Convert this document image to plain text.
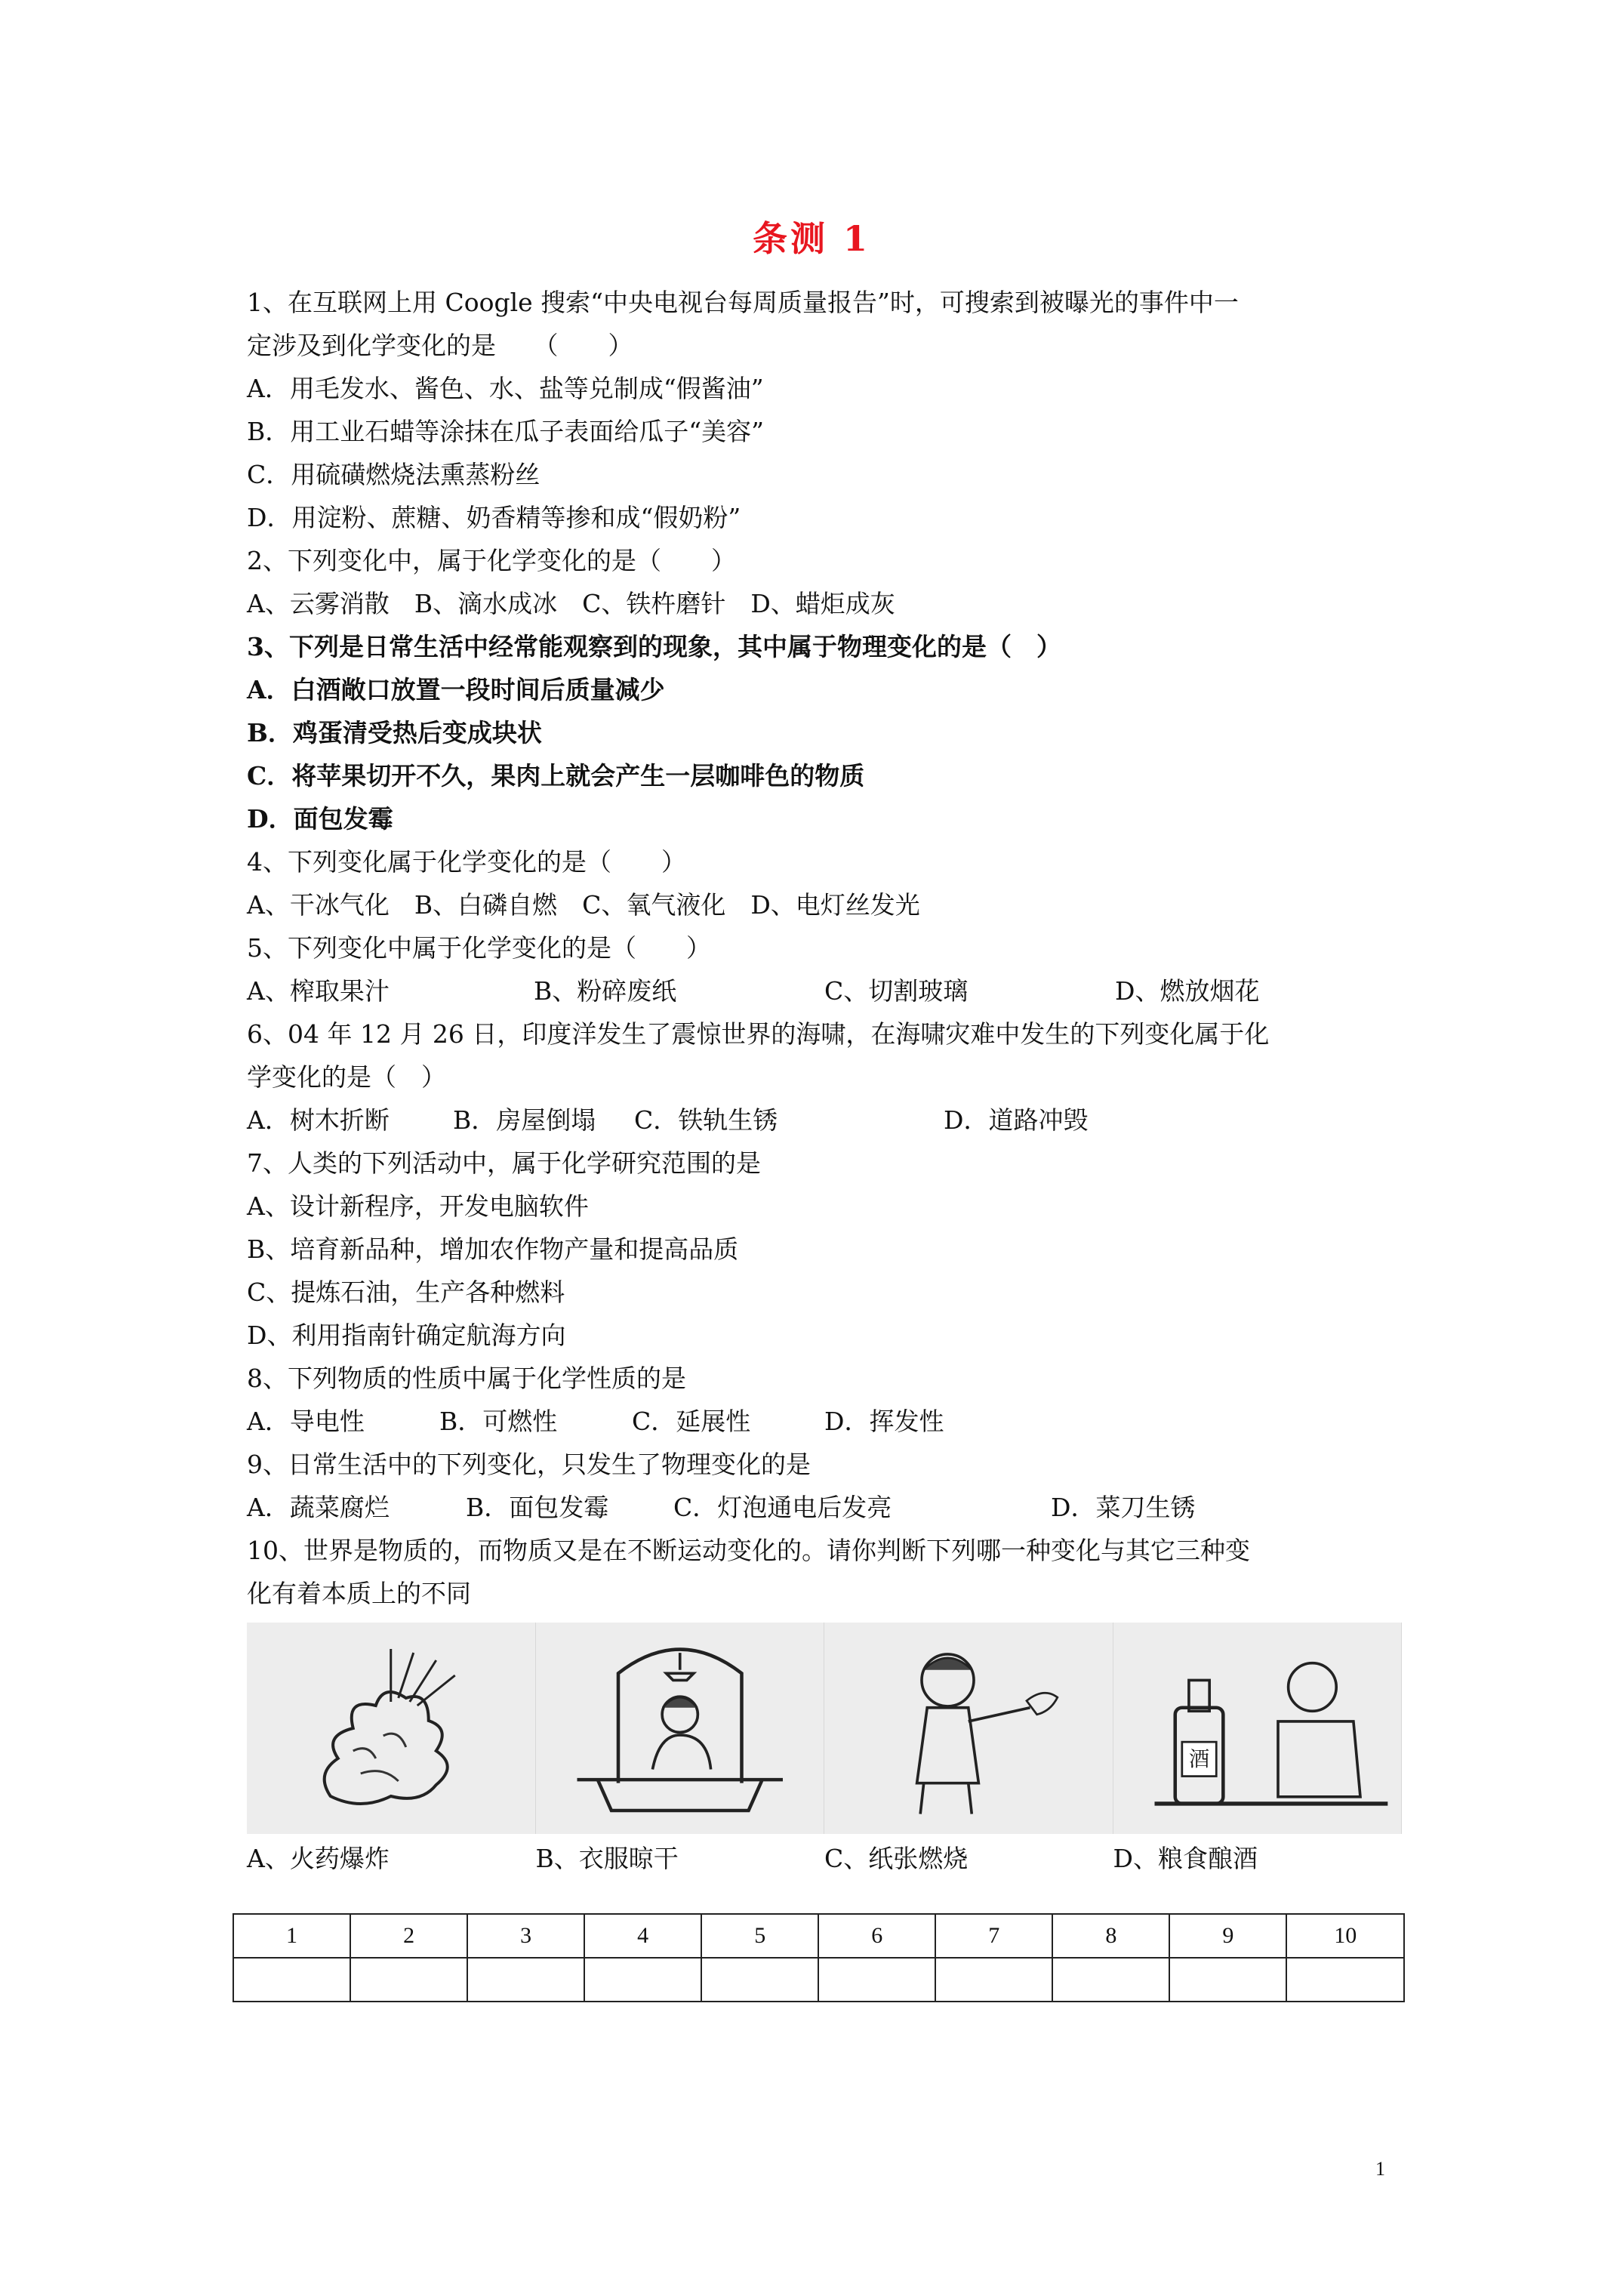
条测 1
1、在互联网上用 Coogle 搜索“中央电视台每周质量报告”时，可搜索到被曝光的事件中一
定涉及到化学变化的是　　（　　）
A．用毛发水、酱色、水、盐等兑制成“假酱油”
B．用工业石蜡等涂抹在瓜子表面给瓜子“美容”
C．用硫磺燃烧法熏蒸粉丝
D．用淀粉、蔗糖、奶香精等掺和成“假奶粉”
2、下列变化中，属于化学变化的是（　　）
A、云雾消散　B、滴水成冰　C、铁杵磨针　D、蜡炬成灰
3、下列是日常生活中经常能观察到的现象，其中属于物理变化的是（　）
A．白酒敞口放置一段时间后质量减少
B．鸡蛋清受热后变成块状
C．将苹果切开不久，果肉上就会产生一层咖啡色的物质
D．面包发霉
4、下列变化属于化学变化的是（　　）
A、干冰气化　B、白磷自燃　C、氧气液化　D、电灯丝发光
5、下列变化中属于化学变化的是（　　）
A、榨取果汁	B、粉碎废纸	C、切割玻璃	D、燃放烟花
6、04 年 12 月 26 日，印度洋发生了震惊世界的海啸，在海啸灾难中发生的下列变化属于化
学变化的是（　）
A．树木折断	B．房屋倒塌	C．铁轨生锈	D．道路冲毁
7、人类的下列活动中，属于化学研究范围的是
A、设计新程序，开发电脑软件
B、培育新品种，增加农作物产量和提高品质
C、提炼石油，生产各种燃料
D、利用指南针确定航海方向
8、下列物质的性质中属于化学性质的是
A．导电性	B．可燃性	C．延展性	D．挥发性
9、日常生活中的下列变化，只发生了物理变化的是
A．蔬菜腐烂	B．面包发霉	C．灯泡通电后发亮	D．菜刀生锈
10、世界是物质的，而物质又是在不断运动变化的。请你判断下列哪一种变化与其它三种变
化有着本质上的不同
酒
A、火药爆炸	B、衣服晾干	C、纸张燃烧	D、粮食酿酒
1	2	3	4	5	6	7	8	9	10

1
